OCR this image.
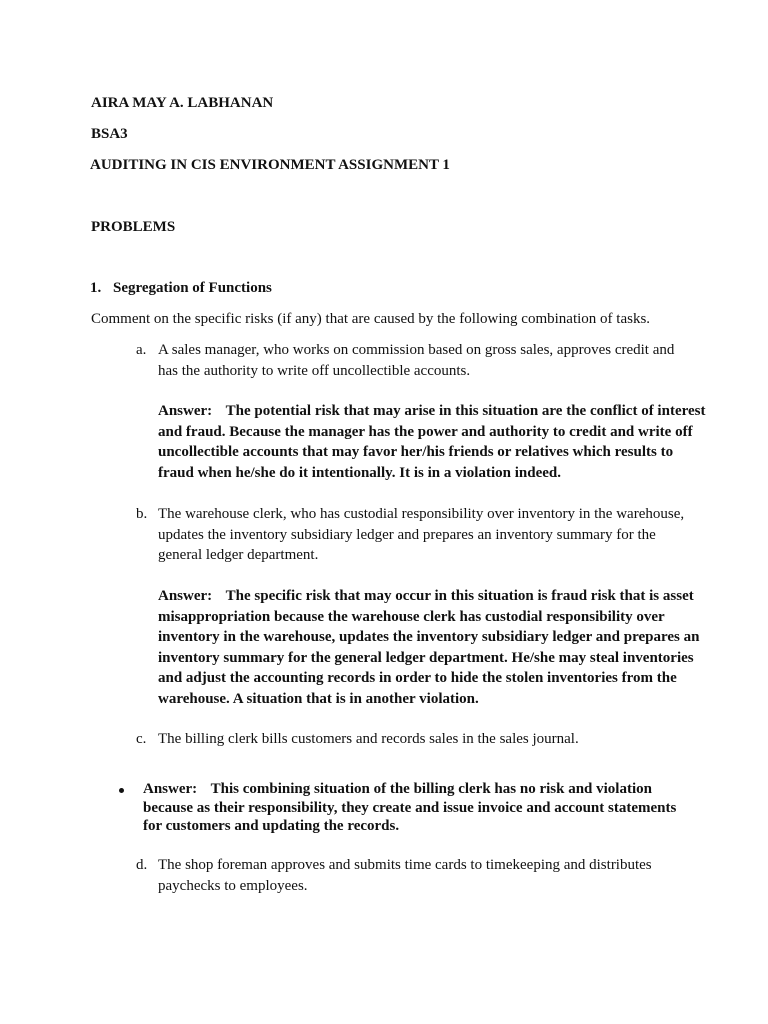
AIRA MAY A. LABHANAN
BSA3
AUDITING IN CIS ENVIRONMENT ASSIGNMENT 1
PROBLEMS
1. Segregation of Functions
Comment on the specific risks (if any) that are caused by the following combination of tasks.
a. A sales manager, who works on commission based on gross sales, approves credit and has the authority to write off uncollectible accounts.
Answer: The potential risk that may arise in this situation are the conflict of interest and fraud. Because the manager has the power and authority to credit and write off uncollectible accounts that may favor her/his friends or relatives which results to fraud when he/she do it intentionally. It is in a violation indeed.
b. The warehouse clerk, who has custodial responsibility over inventory in the warehouse, updates the inventory subsidiary ledger and prepares an inventory summary for the general ledger department.
Answer: The specific risk that may occur in this situation is fraud risk that is asset misappropriation because the warehouse clerk has custodial responsibility over inventory in the warehouse, updates the inventory subsidiary ledger and prepares an inventory summary for the general ledger department. He/she may steal inventories and adjust the accounting records in order to hide the stolen inventories from the warehouse. A situation that is in another violation.
c. The billing clerk bills customers and records sales in the sales journal.
Answer: This combining situation of the billing clerk has no risk and violation because as their responsibility, they create and issue invoice and account statements for customers and updating the records.
d. The shop foreman approves and submits time cards to timekeeping and distributes paychecks to employees.
